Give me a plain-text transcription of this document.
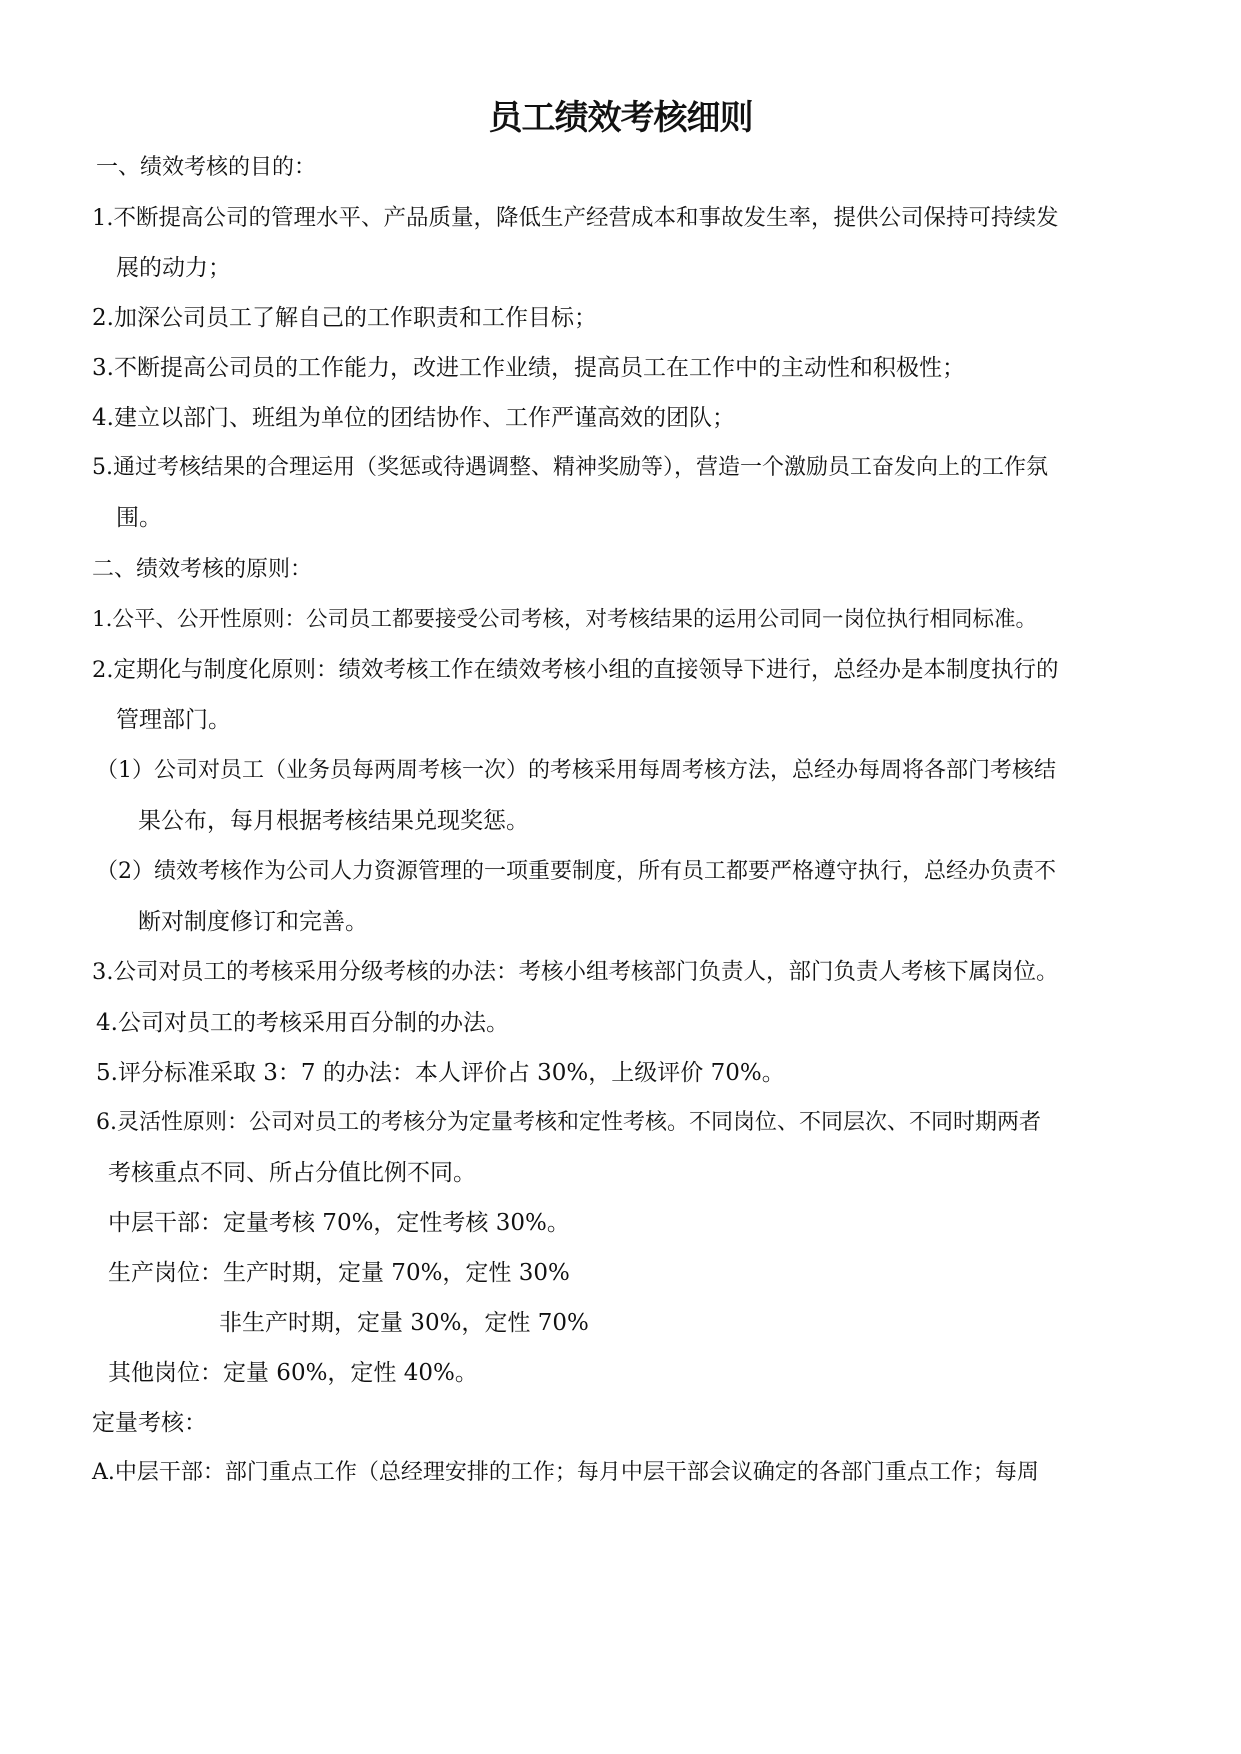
员工绩效考核细则
一、绩效考核的目的：
1.不断提高公司的管理水平、产品质量，降低生产经营成本和事故发生率，提供公司保持可持续发
展的动力；
2.加深公司员工了解自己的工作职责和工作目标；
3.不断提高公司员的工作能力，改进工作业绩，提高员工在工作中的主动性和积极性；
4.建立以部门、班组为单位的团结协作、工作严谨高效的团队；
5.通过考核结果的合理运用（奖惩或待遇调整、精神奖励等），营造一个激励员工奋发向上的工作氛
围。
二、绩效考核的原则：
1.公平、公开性原则：公司员工都要接受公司考核，对考核结果的运用公司同一岗位执行相同标准。
2.定期化与制度化原则：绩效考核工作在绩效考核小组的直接领导下进行，总经办是本制度执行的
管理部门。
（1）公司对员工（业务员每两周考核一次）的考核采用每周考核方法，总经办每周将各部门考核结
果公布，每月根据考核结果兑现奖惩。
（2）绩效考核作为公司人力资源管理的一项重要制度，所有员工都要严格遵守执行，总经办负责不
断对制度修订和完善。
3.公司对员工的考核采用分级考核的办法：考核小组考核部门负责人，部门负责人考核下属岗位。
4.公司对员工的考核采用百分制的办法。
5.评分标准采取 3：7 的办法：本人评价占 30%，上级评价 70%。
6.灵活性原则：公司对员工的考核分为定量考核和定性考核。不同岗位、不同层次、不同时期两者
考核重点不同、所占分值比例不同。
中层干部：定量考核 70%，定性考核 30%。
生产岗位：生产时期，定量 70%，定性 30%
非生产时期，定量 30%，定性 70%
其他岗位：定量 60%，定性 40%。
定量考核：
A.中层干部：部门重点工作（总经理安排的工作；每月中层干部会议确定的各部门重点工作；每周
